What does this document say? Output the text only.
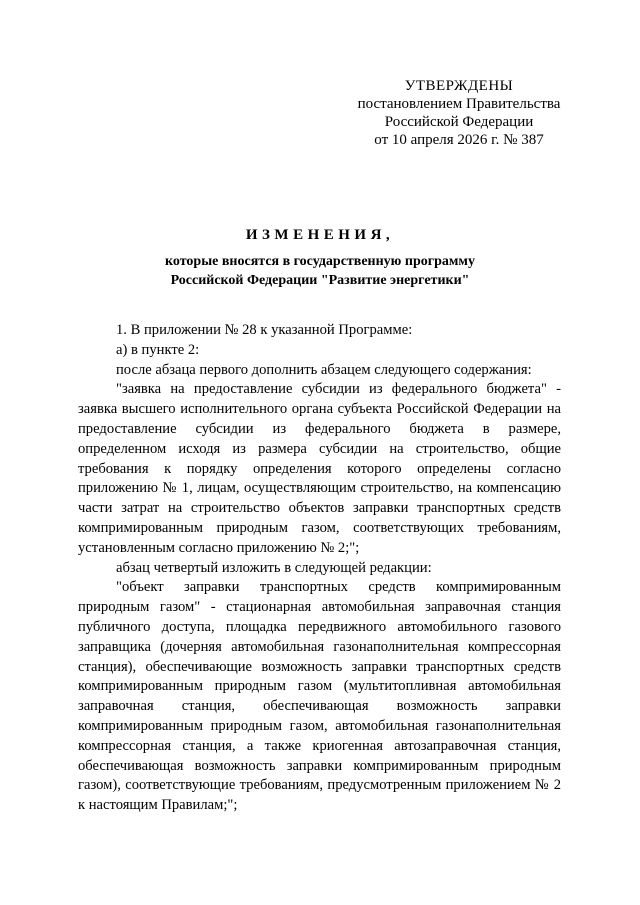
УТВЕРЖДЕНЫ
постановлением Правительства
Российской Федерации
от 10 апреля 2026 г. № 387
ИЗМЕНЕНИЯ,
которые вносятся в государственную программу
Российской Федерации "Развитие энергетики"

1. В приложении № 28 к указанной Программе:

а) в пункте 2:

после абзаца первого дополнить абзацем следующего содержания:

"заявка на предоставление субсидии из федерального бюджета" - заявка высшего исполнительного органа субъекта Российской Федерации на предоставление субсидии из федерального бюджета в размере, определенном исходя из размера субсидии на строительство, общие требования к порядку определения которого определены согласно приложению № 1, лицам, осуществляющим строительство, на компенсацию части затрат на строительство объектов заправки транспортных средств компримированным природным газом, соответствующих требованиям, установленным согласно приложению № 2;";

абзац четвертый изложить в следующей редакции:

"объект заправки транспортных средств компримированным природным газом" - стационарная автомобильная заправочная станция публичного доступа, площадка передвижного автомобильного газового заправщика (дочерняя автомобильная газонаполнительная компрессорная станция), обеспечивающие возможность заправки транспортных средств компримированным природным газом (мультитопливная автомобильная заправочная станция, обеспечивающая возможность заправки компримированным природным газом, автомобильная газонаполнительная компрессорная станция, а также криогенная автозаправочная станция, обеспечивающая возможность заправки компримированным природным газом), соответствующие требованиям, предусмотренным приложением № 2 к настоящим Правилам;";
